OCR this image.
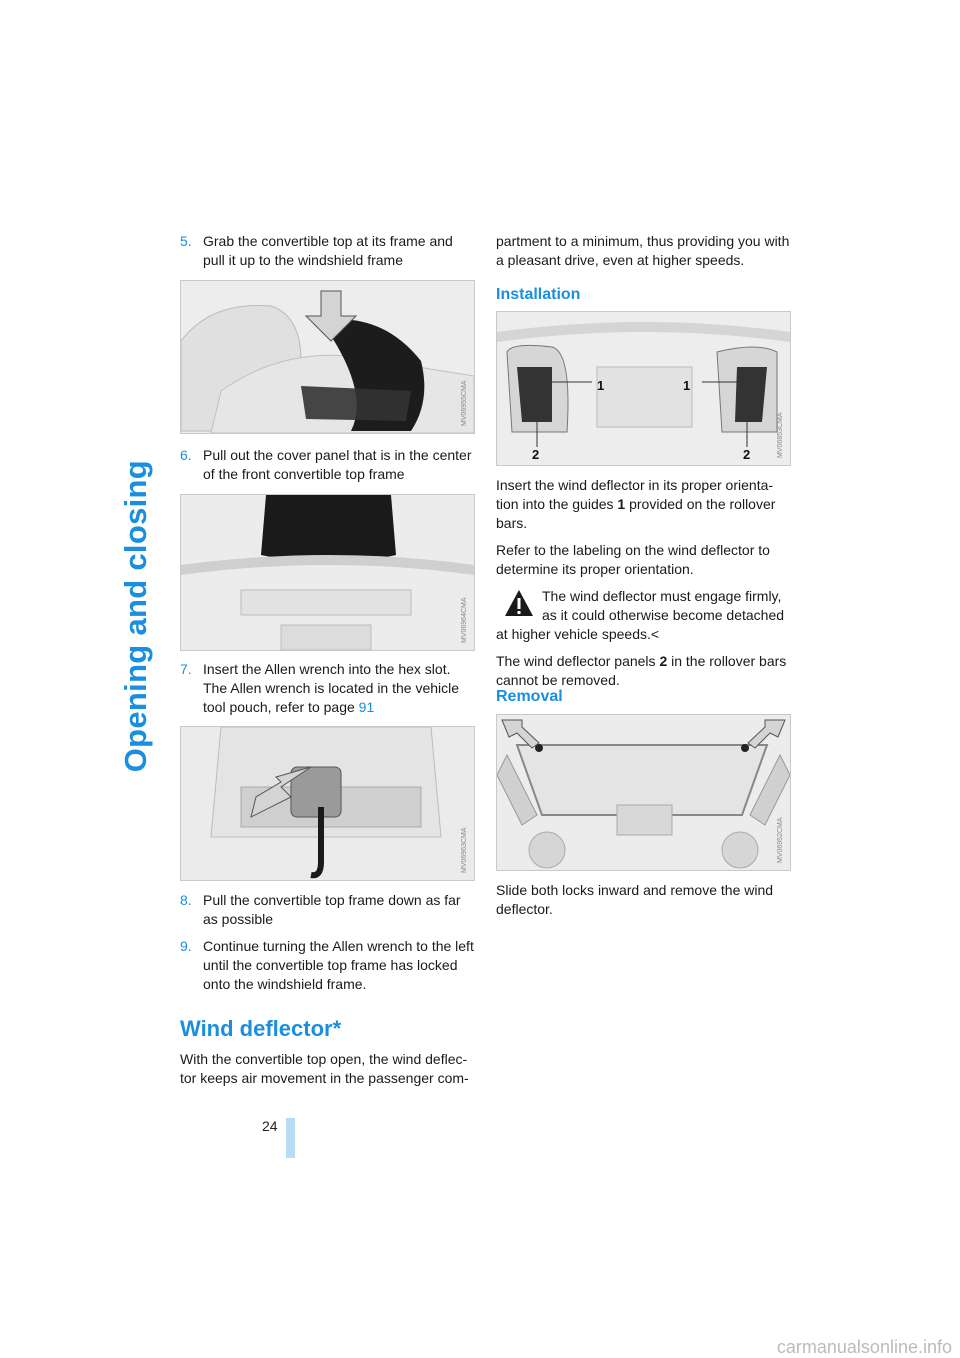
Opening and closing
5. Grab the convertible top at its frame and pull it up to the windshield frame
MV06955CMA
6. Pull out the cover panel that is in the center of the front convertible top frame
MV06964CMA
7. Insert the Allen wrench into the hex slot. The Allen wrench is located in the vehicle tool pouch, refer to page 91
MV06963CMA
8. Pull the convertible top frame down as far as possible
9. Continue turning the Allen wrench to the left until the convertible top frame has locked onto the windshield frame.
Wind deflector*

With the convertible top open, the wind deflec-tor keeps air movement in the passenger com-

partment to a minimum, thus providing you with a pleasant drive, even at higher speeds.

Installation
1	1
2	2	MV06853CMA

Insert the wind deflector in its proper orienta-tion into the guides 1 provided on the rollover bars.

Refer to the labeling on the wind deflector to determine its proper orientation.

The wind deflector must engage firmly, as it could otherwise become detached at higher vehicle speeds.<

The wind deflector panels 2 in the rollover bars cannot be removed.

Removal
MV06952CMA

Slide both locks inward and remove the wind deflector.

24
carmanualsonline.info
